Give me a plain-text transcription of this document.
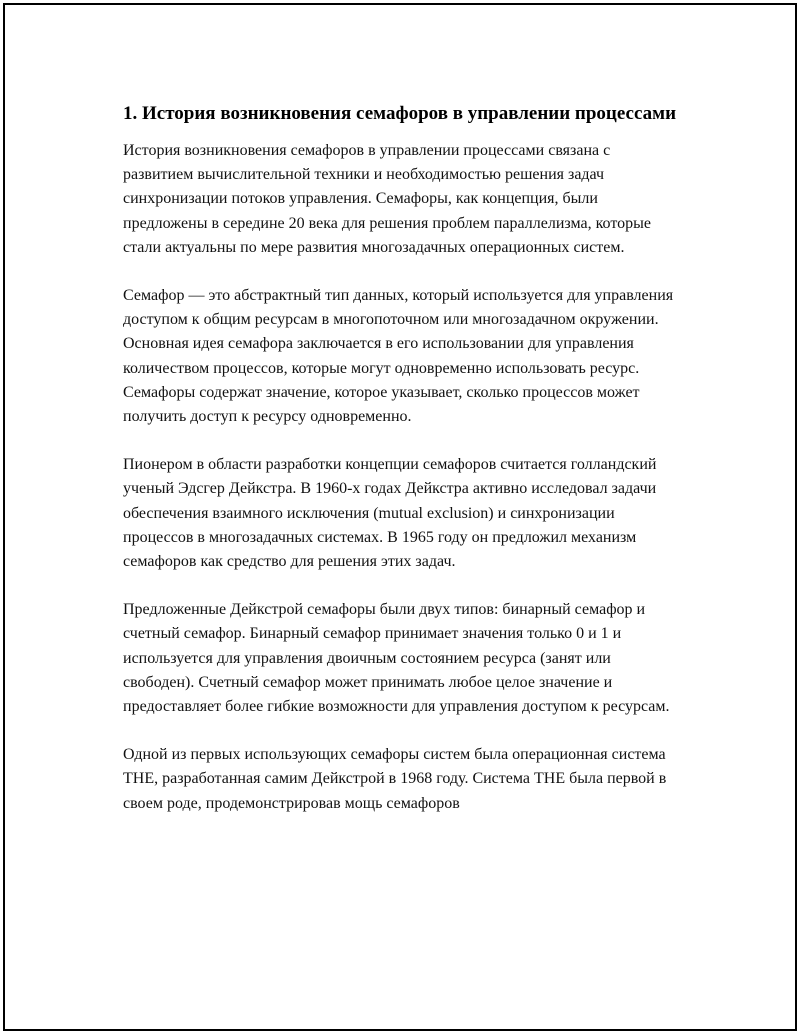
1. История возникновения семафоров в управлении процессами

История возникновения семафоров в управлении процессами связана с развитием вычислительной техники и необходимостью решения задач синхронизации потоков управления. Семафоры, как концепция, были предложены в середине 20 века для решения проблем параллелизма, которые стали актуальны по мере развития многозадачных операционных систем.

Семафор — это абстрактный тип данных, который используется для управления доступом к общим ресурсам в многопоточном или многозадачном окружении. Основная идея семафора заключается в его использовании для управления количеством процессов, которые могут одновременно использовать ресурс. Семафоры содержат значение, которое указывает, сколько процессов может получить доступ к ресурсу одновременно.

Пионером в области разработки концепции семафоров считается голландский ученый Эдсгер Дейкстра. В 1960-х годах Дейкстра активно исследовал задачи обеспечения взаимного исключения (mutual exclusion) и синхронизации процессов в многозадачных системах. В 1965 году он предложил механизм семафоров как средство для решения этих задач.

Предложенные Дейкстрой семафоры были двух типов: бинарный семафор и счетный семафор. Бинарный семафор принимает значения только 0 и 1 и используется для управления двоичным состоянием ресурса (занят или свободен). Счетный семафор может принимать любое целое значение и предоставляет более гибкие возможности для управления доступом к ресурсам.

Одной из первых использующих семафоры систем была операционная система THE, разработанная самим Дейкстрой в 1968 году. Система THE была первой в своем роде, продемонстрировав мощь семафоров
